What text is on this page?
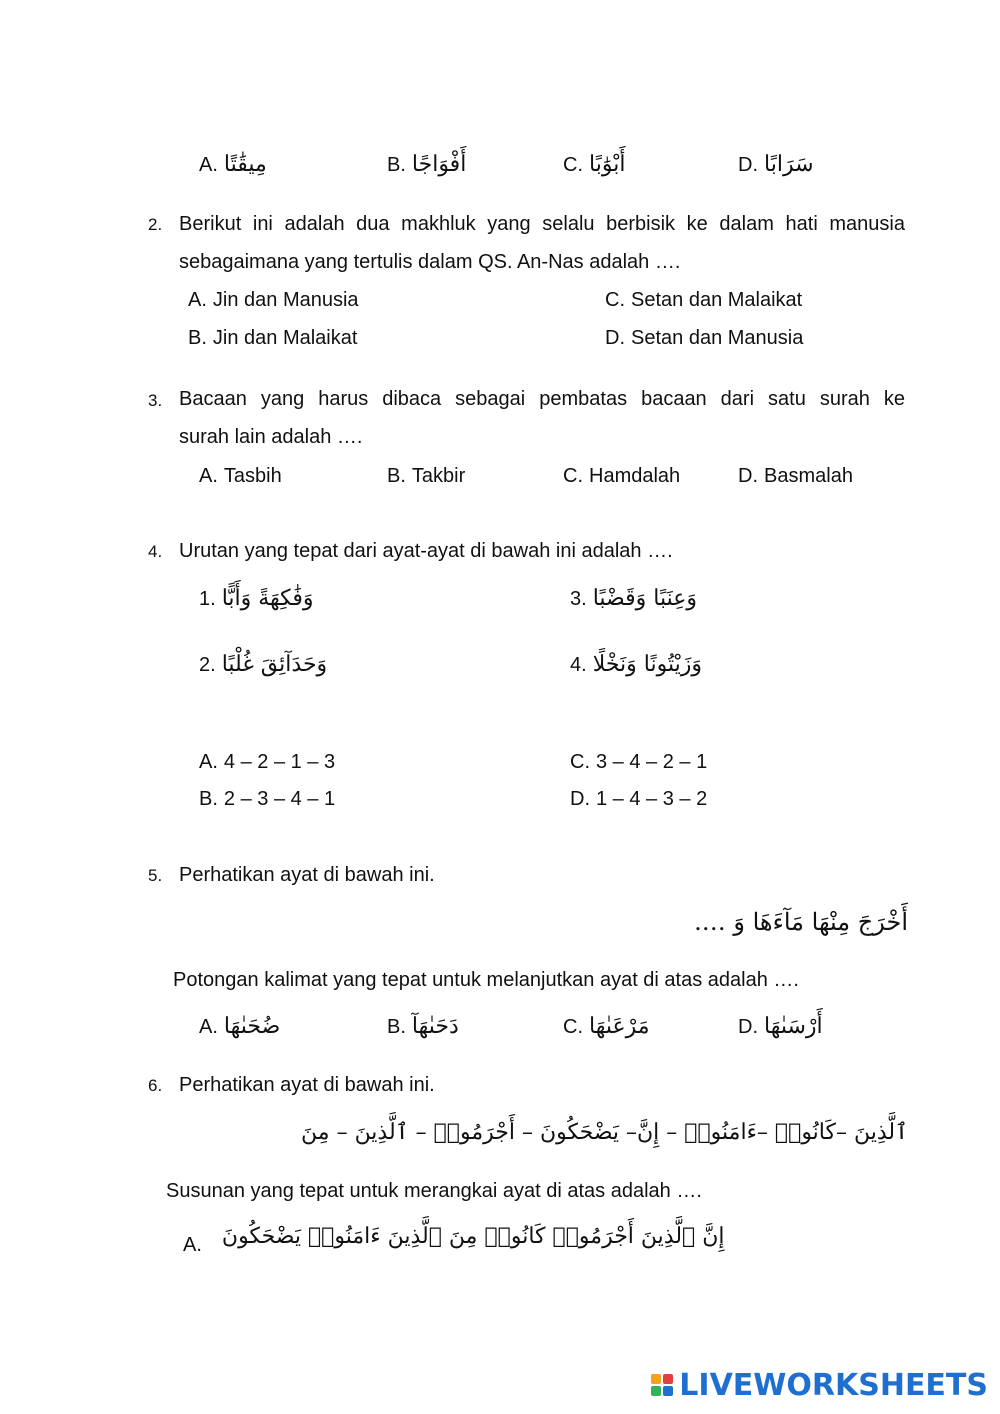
A. مِيقَٰتًا	B. أَفْوَاجًا	C. أَبْوَٰبًا	D. سَرَابًا
2. Berikut ini adalah dua makhluk yang selalu berbisik ke dalam hati manusia
sebagaimana yang tertulis dalam QS. An-Nas adalah ….
A. Jin dan Manusia
B. Jin dan Malaikat
C. Setan dan Malaikat
D. Setan dan Manusia
3. Bacaan yang harus dibaca sebagai pembatas bacaan dari satu surah ke
surah lain adalah ….
A. Tasbih	B. Takbir	C. Hamdalah	D. Basmalah
4. Urutan yang tepat dari ayat-ayat di bawah ini adalah ….
1. وَفَٰكِهَةً وَأَبًّا
2. وَحَدَآئِقَ غُلْبًا
3. وَعِنَبًا وَقَضْبًا
4. وَزَيْتُونًا وَنَخْلًا
A. 4 – 2 – 1 – 3
B. 2 – 3 – 4 – 1
C. 3 – 4 – 2 – 1
D. 1 – 4 – 3 – 2
5. Perhatikan ayat di bawah ini.
أَخْرَجَ مِنْهَا مَآءَهَا وَ ….
Potongan kalimat yang tepat untuk melanjutkan ayat di atas adalah ….
A. ضُحَىٰهَا	B. دَحَىٰهَآ	C. مَرْعَىٰهَا	D. أَرْسَىٰهَا
6. Perhatikan ayat di bawah ini.
ٱلَّذِينَ –كَانُوا۟ –ءَامَنُوا۟ – إِنَّ– يَضْحَكُونَ – أَجْرَمُوا۟ – ٱلَّذِينَ – مِنَ
Susunan yang tepat untuk merangkai ayat di atas adalah ….
A. إِنَّ ٱلَّذِينَ أَجْرَمُوا۟ كَانُوا۟ مِنَ ٱلَّذِينَ ءَامَنُوا۟ يَضْحَكُونَ
LIVEWORKSHEETS
